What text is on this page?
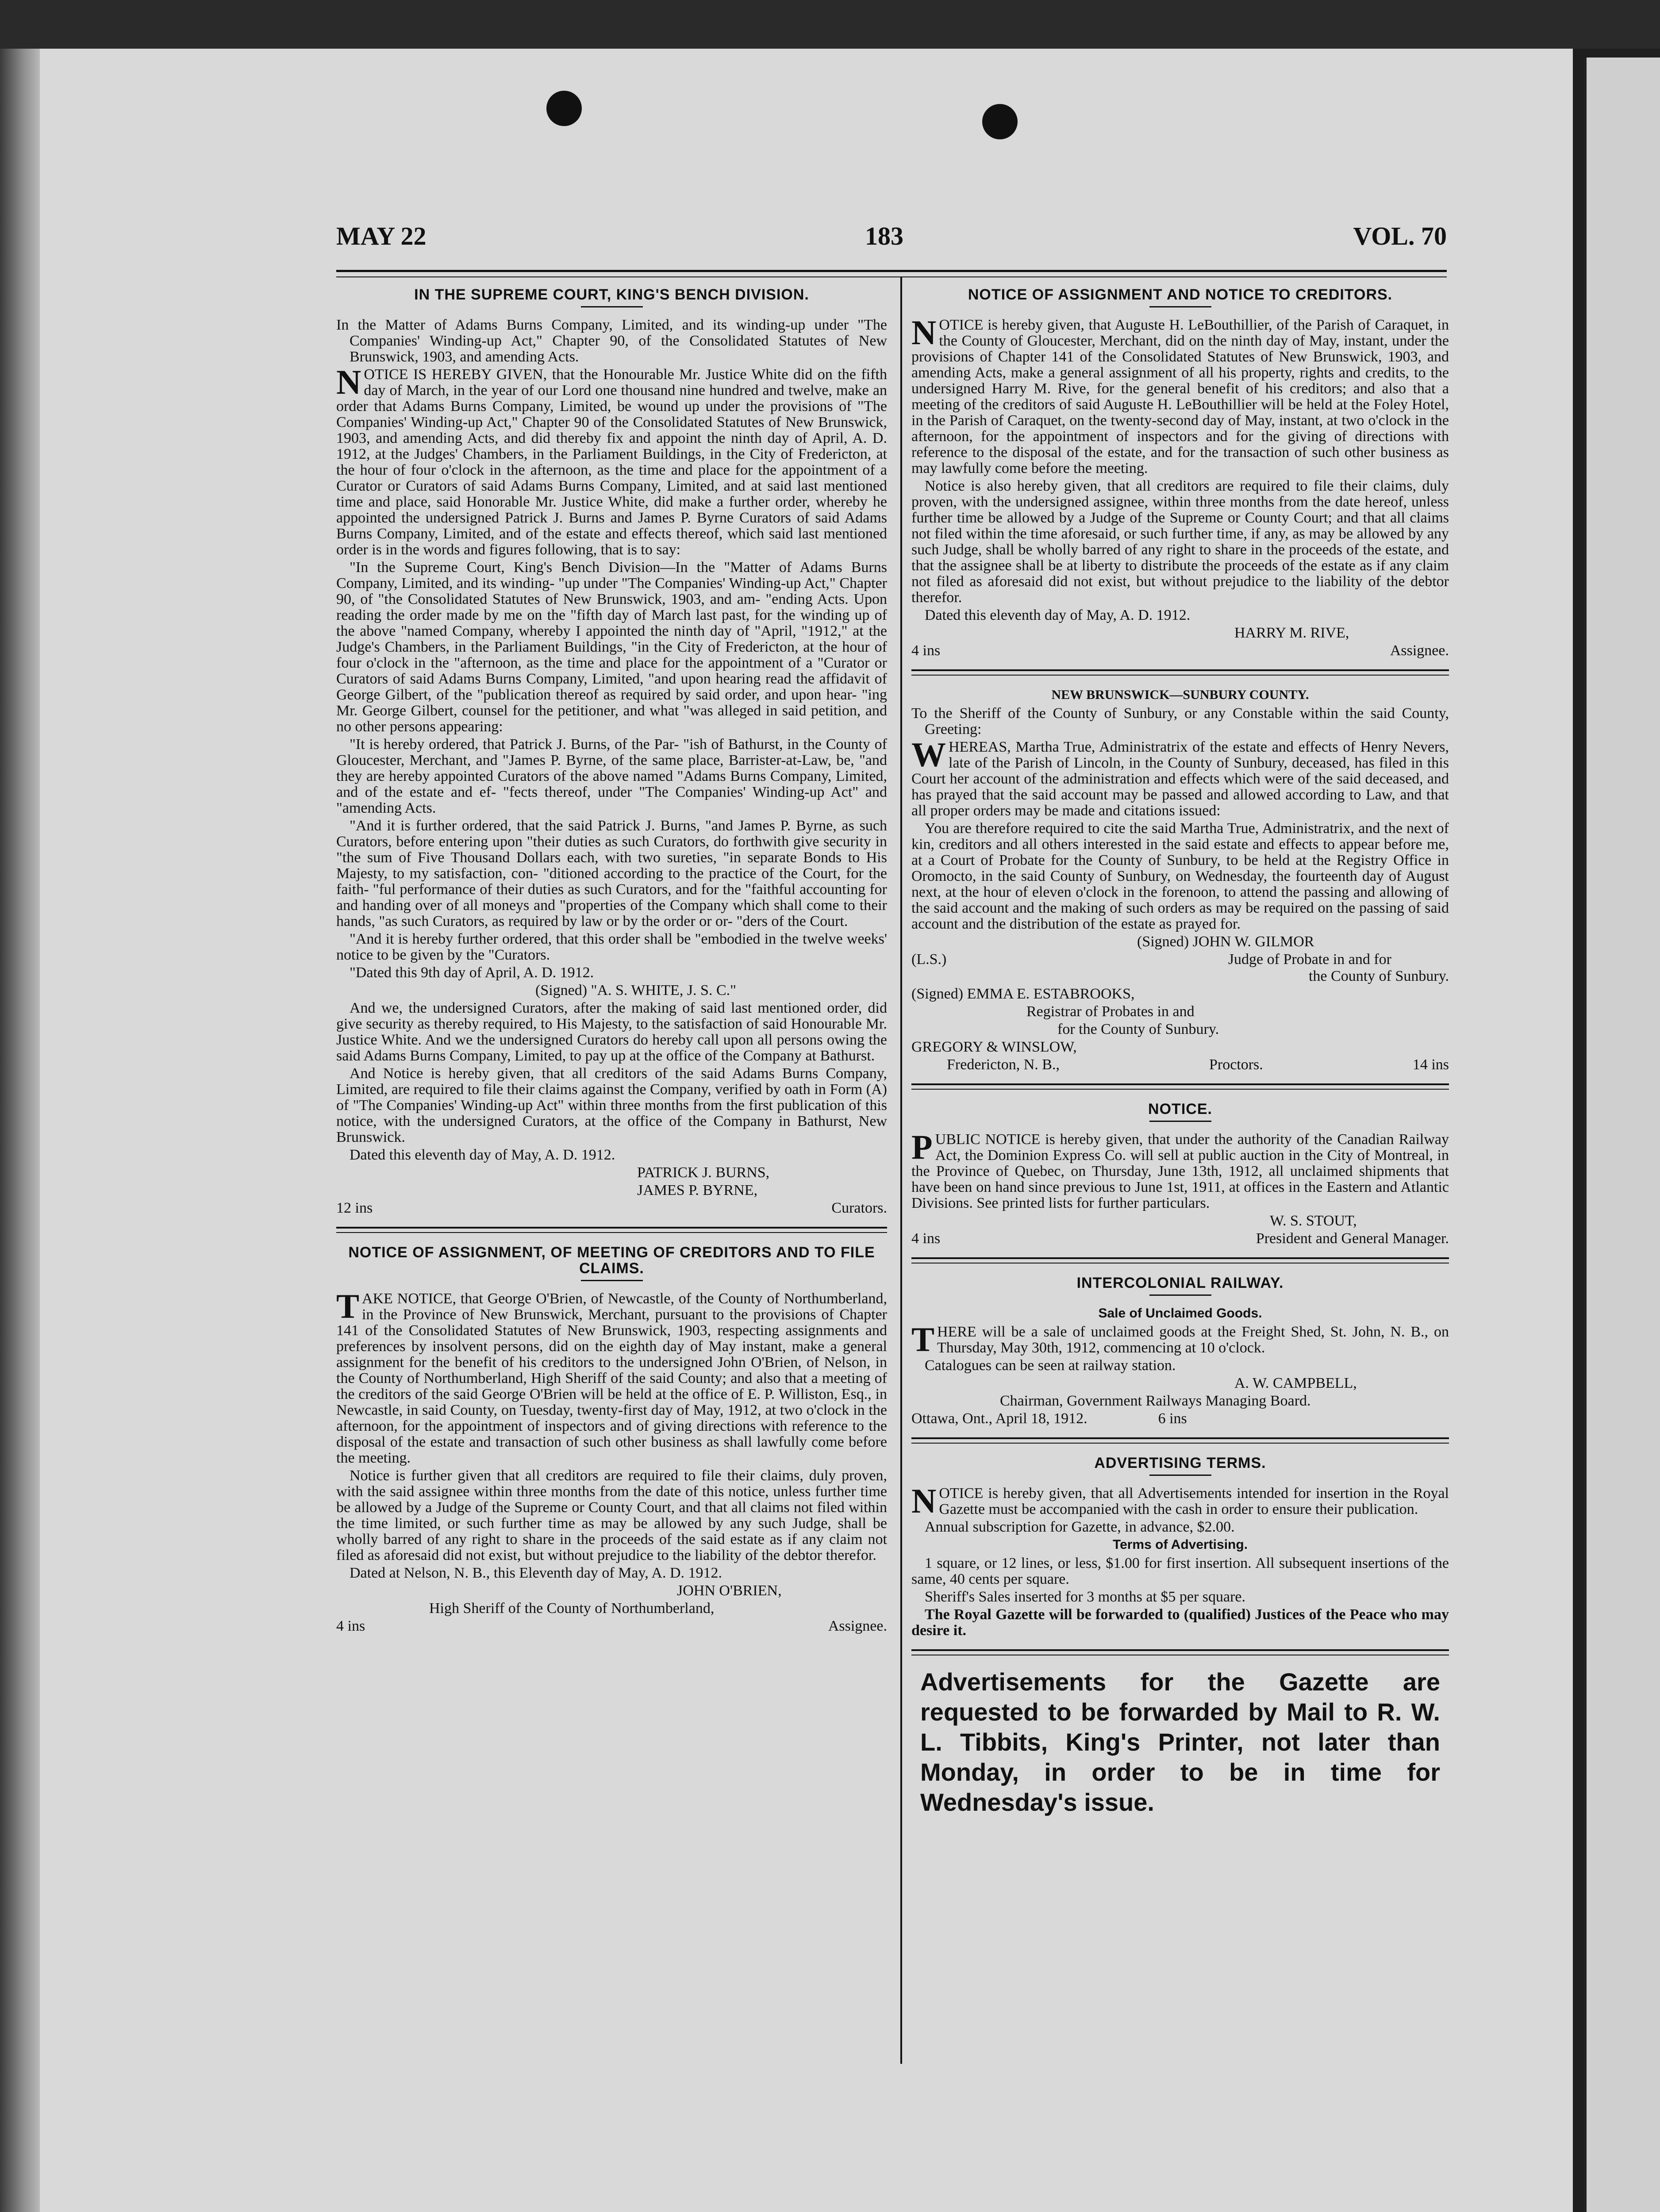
MAY 22	183	VOL. 70
IN THE SUPREME COURT, KING'S BENCH DIVISION.

In the Matter of Adams Burns Company, Limited, and its winding-up under "The Companies' Winding-up Act," Chapter 90, of the Consolidated Statutes of New Brunswick, 1903, and amending Acts.

NOTICE IS HEREBY GIVEN, that the Honourable Mr. Justice White did on the fifth day of March, in the year of our Lord one thousand nine hundred and twelve, make an order that Adams Burns Company, Limited, be wound up under the provisions of "The Companies' Winding-up Act," Chapter 90 of the Consolidated Statutes of New Brunswick, 1903, and amending Acts, and did thereby fix and appoint the ninth day of April, A. D. 1912, at the Judges' Chambers, in the Parliament Buildings, in the City of Fredericton, at the hour of four o'clock in the afternoon, as the time and place for the appointment of a Curator or Curators of said Adams Burns Company, Limited, and at said last mentioned time and place, said Honorable Mr. Justice White, did make a further order, whereby he appointed the undersigned Patrick J. Burns and James P. Byrne Curators of said Adams Burns Company, Limited, and of the estate and effects thereof, which said last mentioned order is in the words and figures following, that is to say:

"In the Supreme Court, King's Bench Division—In the "Matter of Adams Burns Company, Limited, and its winding- "up under "The Companies' Winding-up Act," Chapter 90, of "the Consolidated Statutes of New Brunswick, 1903, and am- "ending Acts. Upon reading the order made by me on the "fifth day of March last past, for the winding up of the above "named Company, whereby I appointed the ninth day of "April, "1912," at the Judge's Chambers, in the Parliament Buildings, "in the City of Fredericton, at the hour of four o'clock in the "afternoon, as the time and place for the appointment of a "Curator or Curators of said Adams Burns Company, Limited, "and upon hearing read the affidavit of George Gilbert, of the "publication thereof as required by said order, and upon hear- "ing Mr. George Gilbert, counsel for the petitioner, and what "was alleged in said petition, and no other persons appearing:

"It is hereby ordered, that Patrick J. Burns, of the Par- "ish of Bathurst, in the County of Gloucester, Merchant, and "James P. Byrne, of the same place, Barrister-at-Law, be, "and they are hereby appointed Curators of the above named "Adams Burns Company, Limited, and of the estate and ef- "fects thereof, under "The Companies' Winding-up Act" and "amending Acts.

"And it is further ordered, that the said Patrick J. Burns, "and James P. Byrne, as such Curators, before entering upon "their duties as such Curators, do forthwith give security in "the sum of Five Thousand Dollars each, with two sureties, "in separate Bonds to His Majesty, to my satisfaction, con- "ditioned according to the practice of the Court, for the faith- "ful performance of their duties as such Curators, and for the "faithful accounting for and handing over of all moneys and "properties of the Company which shall come to their hands, "as such Curators, as required by law or by the order or or- "ders of the Court.

"And it is hereby further ordered, that this order shall be "embodied in the twelve weeks' notice to be given by the "Curators.

"Dated this 9th day of April, A. D. 1912.

(Signed) "A. S. WHITE, J. S. C."

And we, the undersigned Curators, after the making of said last mentioned order, did give security as thereby required, to His Majesty, to the satisfaction of said Honourable Mr. Justice White. And we the undersigned Curators do hereby call upon all persons owing the said Adams Burns Company, Limited, to pay up at the office of the Company at Bathurst.

And Notice is hereby given, that all creditors of the said Adams Burns Company, Limited, are required to file their claims against the Company, verified by oath in Form (A) of "The Companies' Winding-up Act" within three months from the first publication of this notice, with the undersigned Curators, at the office of the Company in Bathurst, New Brunswick.

Dated this eleventh day of May, A. D. 1912.

PATRICK J. BURNS,

JAMES P. BYRNE,

12 ins	Curators.
NOTICE OF ASSIGNMENT, OF MEETING OF CREDITORS AND TO FILE CLAIMS.

TAKE NOTICE, that George O'Brien, of Newcastle, of the County of Northumberland, in the Province of New Brunswick, Merchant, pursuant to the provisions of Chapter 141 of the Consolidated Statutes of New Brunswick, 1903, respecting assignments and preferences by insolvent persons, did on the eighth day of May instant, make a general assignment for the benefit of his creditors to the undersigned John O'Brien, of Nelson, in the County of Northumberland, High Sheriff of the said County; and also that a meeting of the creditors of the said George O'Brien will be held at the office of E. P. Williston, Esq., in Newcastle, in said County, on Tuesday, twenty-first day of May, 1912, at two o'clock in the afternoon, for the appointment of inspectors and of giving directions with reference to the disposal of the estate and transaction of such other business as shall lawfully come before the meeting.

Notice is further given that all creditors are required to file their claims, duly proven, with the said assignee within three months from the date of this notice, unless further time be allowed by a Judge of the Supreme or County Court, and that all claims not filed within the time limited, or such further time as may be allowed by any such Judge, shall be wholly barred of any right to share in the proceeds of the said estate as if any claim not filed as aforesaid did not exist, but without prejudice to the liability of the debtor therefor.

Dated at Nelson, N. B., this Eleventh day of May, A. D. 1912.

JOHN O'BRIEN,

High Sheriff of the County of Northumberland,

4 ins	Assignee.
NOTICE OF ASSIGNMENT AND NOTICE TO CREDITORS.

NOTICE is hereby given, that Auguste H. LeBouthillier, of the Parish of Caraquet, in the County of Gloucester, Merchant, did on the ninth day of May, instant, under the provisions of Chapter 141 of the Consolidated Statutes of New Brunswick, 1903, and amending Acts, make a general assignment of all his property, rights and credits, to the undersigned Harry M. Rive, for the general benefit of his creditors; and also that a meeting of the creditors of said Auguste H. LeBouthillier will be held at the Foley Hotel, in the Parish of Caraquet, on the twenty-second day of May, instant, at two o'clock in the afternoon, for the appointment of inspectors and for the giving of directions with reference to the disposal of the estate, and for the transaction of such other business as may lawfully come before the meeting.

Notice is also hereby given, that all creditors are required to file their claims, duly proven, with the undersigned assignee, within three months from the date hereof, unless further time be allowed by a Judge of the Supreme or County Court; and that all claims not filed within the time aforesaid, or such further time, if any, as may be allowed by any such Judge, shall be wholly barred of any right to share in the proceeds of the estate, and that the assignee shall be at liberty to distribute the proceeds of the estate as if any claim not filed as aforesaid did not exist, but without prejudice to the liability of the debtor therefor.

Dated this eleventh day of May, A. D. 1912.

HARRY M. RIVE,

4 ins	Assignee.
NEW BRUNSWICK—SUNBURY COUNTY.

To the Sheriff of the County of Sunbury, or any Constable within the said County, Greeting:

WHEREAS, Martha True, Administratrix of the estate and effects of Henry Nevers, late of the Parish of Lincoln, in the County of Sunbury, deceased, has filed in this Court her account of the administration and effects which were of the said deceased, and has prayed that the said account may be passed and allowed according to Law, and that all proper orders may be made and citations issued:

You are therefore required to cite the said Martha True, Administratrix, and the next of kin, creditors and all others interested in the said estate and effects to appear before me, at a Court of Probate for the County of Sunbury, to be held at the Registry Office in Oromocto, in the said County of Sunbury, on Wednesday, the fourteenth day of August next, at the hour of eleven o'clock in the forenoon, to attend the passing and allowing of the said account and the making of such orders as may be required on the passing of said account and the distribution of the estate as prayed for.

(Signed) JOHN W. GILMOR

(L.S.)	Judge of Probate in and for

the County of Sunbury.

(Signed) EMMA E. ESTABROOKS,

Registrar of Probates in and

for the County of Sunbury.

GREGORY & WINSLOW,

Fredericton, N. B.,	Proctors.	14 ins
NOTICE.

PUBLIC NOTICE is hereby given, that under the authority of the Canadian Railway Act, the Dominion Express Co. will sell at public auction in the City of Montreal, in the Province of Quebec, on Thursday, June 13th, 1912, all unclaimed shipments that have been on hand since previous to June 1st, 1911, at offices in the Eastern and Atlantic Divisions. See printed lists for further particulars.

W. S. STOUT,

4 ins	President and General Manager.
INTERCOLONIAL RAILWAY.
Sale of Unclaimed Goods.

THERE will be a sale of unclaimed goods at the Freight Shed, St. John, N. B., on Thursday, May 30th, 1912, commencing at 10 o'clock.

Catalogues can be seen at railway station.

A. W. CAMPBELL,

Chairman, Government Railways Managing Board.

Ottawa, Ont., April 18, 1912.	6 ins
ADVERTISING TERMS.

NOTICE is hereby given, that all Advertisements intended for insertion in the Royal Gazette must be accompanied with the cash in order to ensure their publication.

Annual subscription for Gazette, in advance, $2.00.

Terms of Advertising.

1 square, or 12 lines, or less, $1.00 for first insertion. All subsequent insertions of the same, 40 cents per square.

Sheriff's Sales inserted for 3 months at $5 per square.

The Royal Gazette will be forwarded to (qualified) Justices of the Peace who may desire it.

Advertisements for the Gazette are requested to be forwarded by Mail to R. W. L. Tibbits, King's Printer, not later than Monday, in order to be in time for Wednesday's issue.
